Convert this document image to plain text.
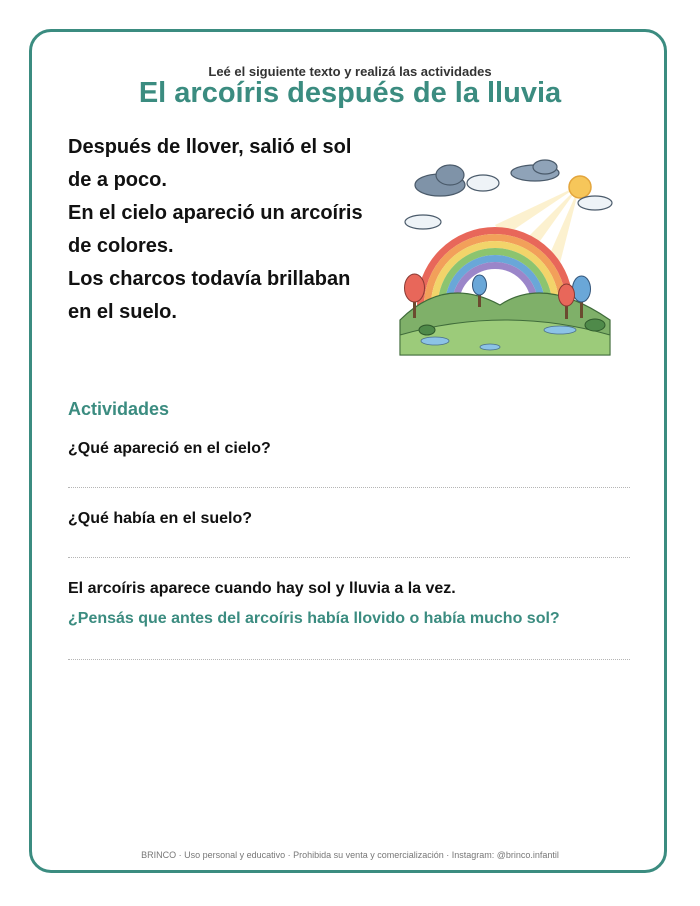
Leé el siguiente texto y realizá las actividades
El arcoíris después de la lluvia
Después de llover, salió el sol
de a poco.
En el cielo apareció un arcoíris
de colores.
Los charcos todavía brillaban
en el suelo.
Actividades
¿Qué apareció en el cielo?
¿Qué había en el suelo?
El arcoíris aparece cuando hay sol y lluvia a la vez.
¿Pensás que antes del arcoíris había llovido o había mucho sol?
BRINCO · Uso personal y educativo · Prohibida su venta y comercialización · Instagram: @brinco.infantil
